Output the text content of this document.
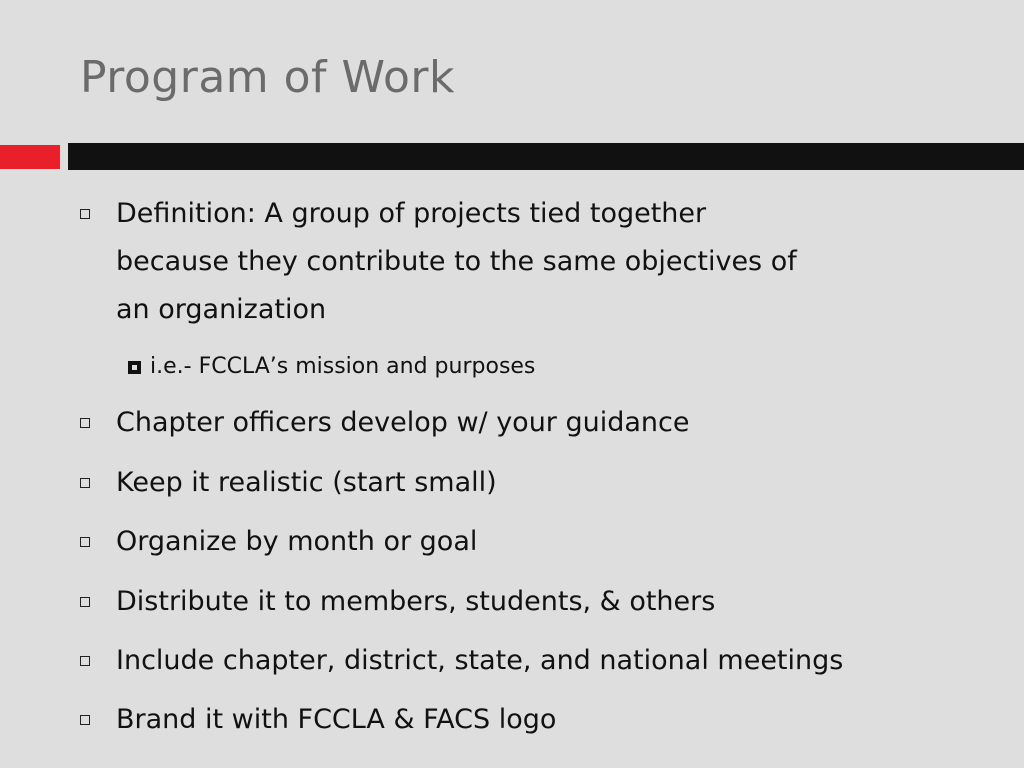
Program of Work
Definition: A group of projects tied together
because they contribute to the same objectives of
an organization
i.e.- FCCLA’s mission and purposes
Chapter officers develop w/ your guidance
Keep it realistic (start small)
Organize by month or goal
Distribute it to members, students, & others
Include chapter, district, state, and national meetings
Brand it with FCCLA & FACS logo
